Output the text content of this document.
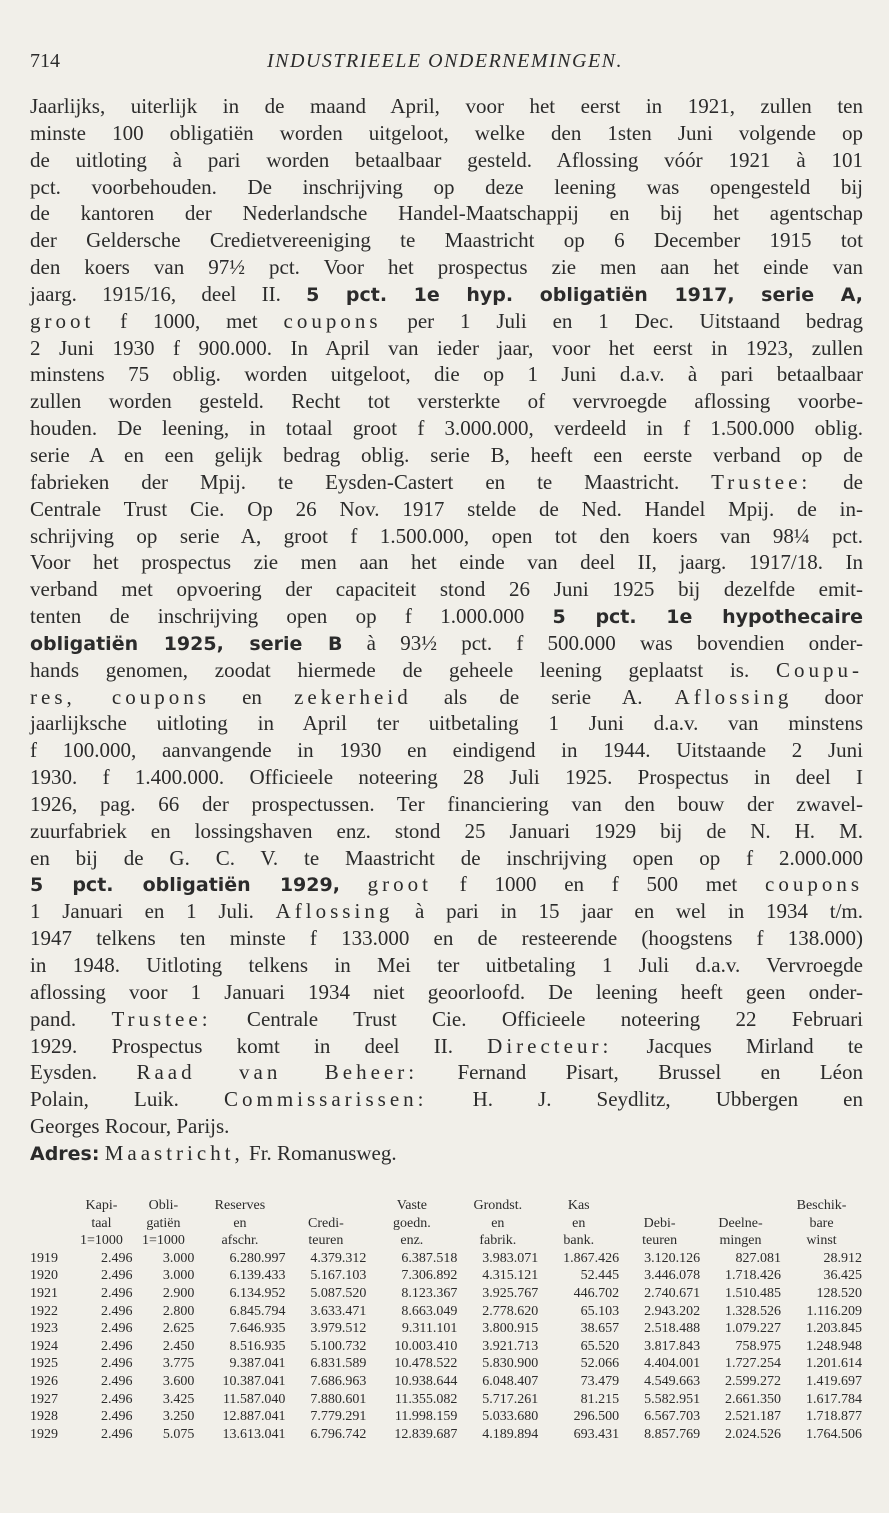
714	INDUSTRIEELE ONDERNEMINGEN.
Jaarlijks, uiterlijk in de maand April, voor het eerst in 1921, zullen ten
minste 100 obligatiën worden uitgeloot, welke den 1sten Juni volgende op
de uitloting à pari worden betaalbaar gesteld. Aflossing vóór 1921 à 101
pct. voorbehouden. De inschrijving op deze leening was opengesteld bij
de kantoren der Nederlandsche Handel-Maatschappij en bij het agentschap
der Geldersche Credietvereeniging te Maastricht op 6 December 1915 tot
den koers van 97½ pct. Voor het prospectus zie men aan het einde van
jaarg. 1915/16, deel II. 5 pct. 1e hyp. obligatiën 1917, serie A,
groot f 1000, met coupons per 1 Juli en 1 Dec. Uitstaand bedrag
2 Juni 1930 f 900.000. In April van ieder jaar, voor het eerst in 1923, zullen
minstens 75 oblig. worden uitgeloot, die op 1 Juni d.a.v. à pari betaalbaar
zullen worden gesteld. Recht tot versterkte of vervroegde aflossing voorbe-
houden. De leening, in totaal groot f 3.000.000, verdeeld in f 1.500.000 oblig.
serie A en een gelijk bedrag oblig. serie B, heeft een eerste verband op de
fabrieken der Mpij. te Eysden-Castert en te Maastricht. Trustee: de
Centrale Trust Cie. Op 26 Nov. 1917 stelde de Ned. Handel Mpij. de in-
schrijving op serie A, groot f 1.500.000, open tot den koers van 98¼ pct.
Voor het prospectus zie men aan het einde van deel II, jaarg. 1917/18. In
verband met opvoering der capaciteit stond 26 Juni 1925 bij dezelfde emit-
tenten de inschrijving open op f 1.000.000 5 pct. 1e hypothecaire
obligatiën 1925, serie B à 93½ pct. f 500.000 was bovendien onder-
hands genomen, zoodat hiermede de geheele leening geplaatst is. Coupu-
res, coupons en zekerheid als de serie A. Aflossing door
jaarlijksche uitloting in April ter uitbetaling 1 Juni d.a.v. van minstens
f 100.000, aanvangende in 1930 en eindigend in 1944. Uitstaande 2 Juni
1930. f 1.400.000. Officieele noteering 28 Juli 1925. Prospectus in deel I
1926, pag. 66 der prospectussen. Ter financiering van den bouw der zwavel-
zuurfabriek en lossingshaven enz. stond 25 Januari 1929 bij de N. H. M.
en bij de G. C. V. te Maastricht de inschrijving open op f 2.000.000
5 pct. obligatiën 1929, groot f 1000 en f 500 met coupons
1 Januari en 1 Juli. Aflossing à pari in 15 jaar en wel in 1934 t/m.
1947 telkens ten minste f 133.000 en de resteerende (hoogstens f 138.000)
in 1948. Uitloting telkens in Mei ter uitbetaling 1 Juli d.a.v. Vervroegde
aflossing voor 1 Januari 1934 niet geoorloofd. De leening heeft geen onder-
pand. Trustee: Centrale Trust Cie. Officieele noteering 22 Februari
1929. Prospectus komt in deel II. Directeur: Jacques Mirland te
Eysden. Raad van Beheer: Fernand Pisart, Brussel en Léon
Polain, Luik. Commissarissen: H. J. Seydlitz, Ubbergen en
Georges Rocour, Parijs.
Adres: Maastricht, Fr. Romanusweg.
	Kapi-	Obli-	Reserves		Vaste	Grondst.	Kas			Beschik-
	taal	gatiën	en	Credi-	goedn.	en	en	Debi-	Deelne-	bare
	1=1000	1=1000	afschr.	teuren	enz.	fabrik.	bank.	teuren	mingen	winst
1919	2.496	3.000	6.280.997	4.379.312	6.387.518	3.983.071	1.867.426	3.120.126	827.081	28.912
1920	2.496	3.000	6.139.433	5.167.103	7.306.892	4.315.121	52.445	3.446.078	1.718.426	36.425
1921	2.496	2.900	6.134.952	5.087.520	8.123.367	3.925.767	446.702	2.740.671	1.510.485	128.520
1922	2.496	2.800	6.845.794	3.633.471	8.663.049	2.778.620	65.103	2.943.202	1.328.526	1.116.209
1923	2.496	2.625	7.646.935	3.979.512	9.311.101	3.800.915	38.657	2.518.488	1.079.227	1.203.845
1924	2.496	2.450	8.516.935	5.100.732	10.003.410	3.921.713	65.520	3.817.843	758.975	1.248.948
1925	2.496	3.775	9.387.041	6.831.589	10.478.522	5.830.900	52.066	4.404.001	1.727.254	1.201.614
1926	2.496	3.600	10.387.041	7.686.963	10.938.644	6.048.407	73.479	4.549.663	2.599.272	1.419.697
1927	2.496	3.425	11.587.040	7.880.601	11.355.082	5.717.261	81.215	5.582.951	2.661.350	1.617.784
1928	2.496	3.250	12.887.041	7.779.291	11.998.159	5.033.680	296.500	6.567.703	2.521.187	1.718.877
1929	2.496	5.075	13.613.041	6.796.742	12.839.687	4.189.894	693.431	8.857.769	2.024.526	1.764.506
